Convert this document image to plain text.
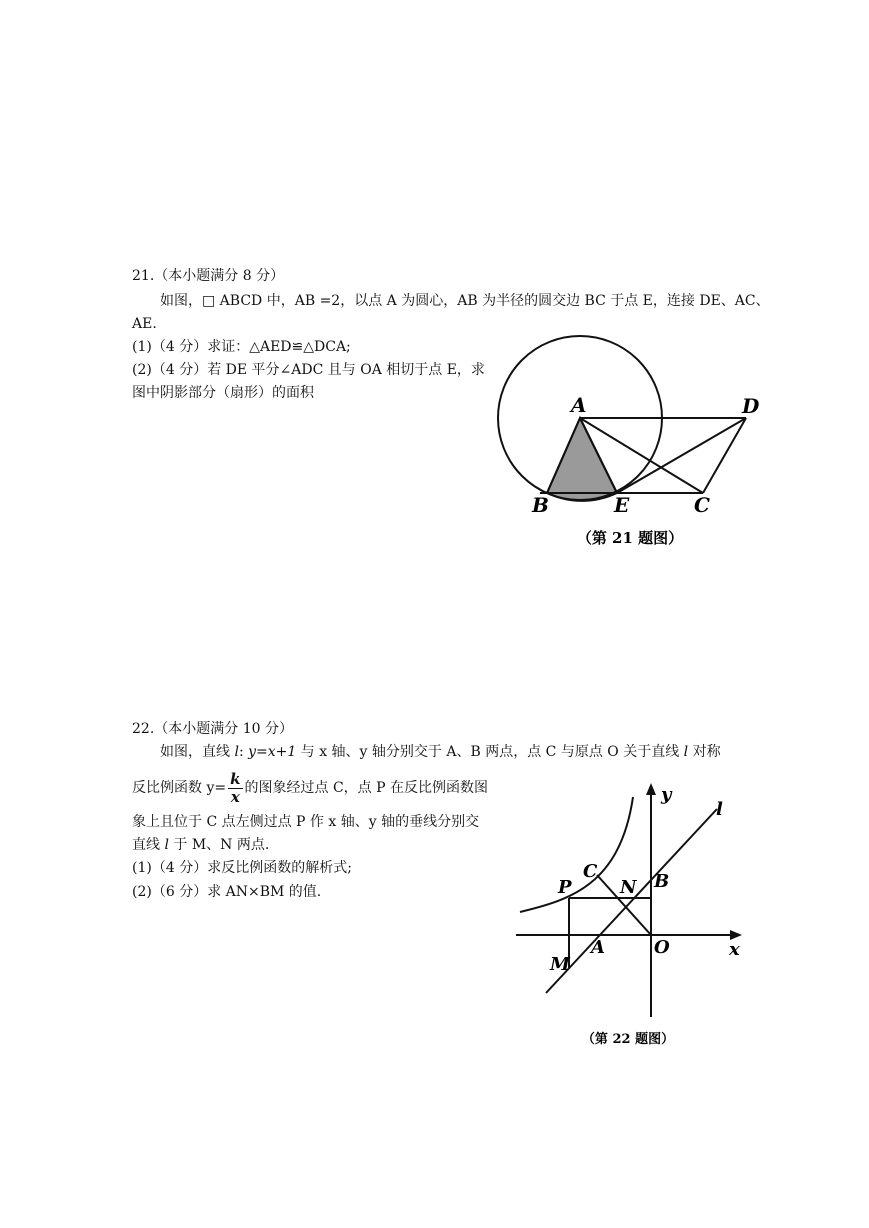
21.（本小题满分 8 分）
如图，□ ABCD 中，AB =2，以点 A 为圆心，AB 为半径的圆交边 BC 于点 E，连接 DE、AC、
AE.
(1)（4 分）求证：△AED≌△DCA;
(2)（4 分）若 DE 平分∠ADC 且与 OA 相切于点 E，求
图中阴影部分（扇形）的面积	A	D
B	E	C
（第 21 题图）
22.（本小题满分 10 分）
如图，直线 l: y=x+1 与 x 轴、y 轴分别交于 A、B 两点，点 C 与原点 O 关于直线 l 对称
反比例函数 $y= \frac{k}{x}$ 的图象经过点 C，点 P 在反比例函数图
象上且位于 C 点左侧过点 P 作 x 轴、y 轴的垂线分别交
直线 l 于 M、N 两点.
(1)（4 分）求反比例函数的解析式;
(2)（6 分）求 AN×BM 的值.
y
l
C
P	N B
A	O	x
M
（第 22 题图）
